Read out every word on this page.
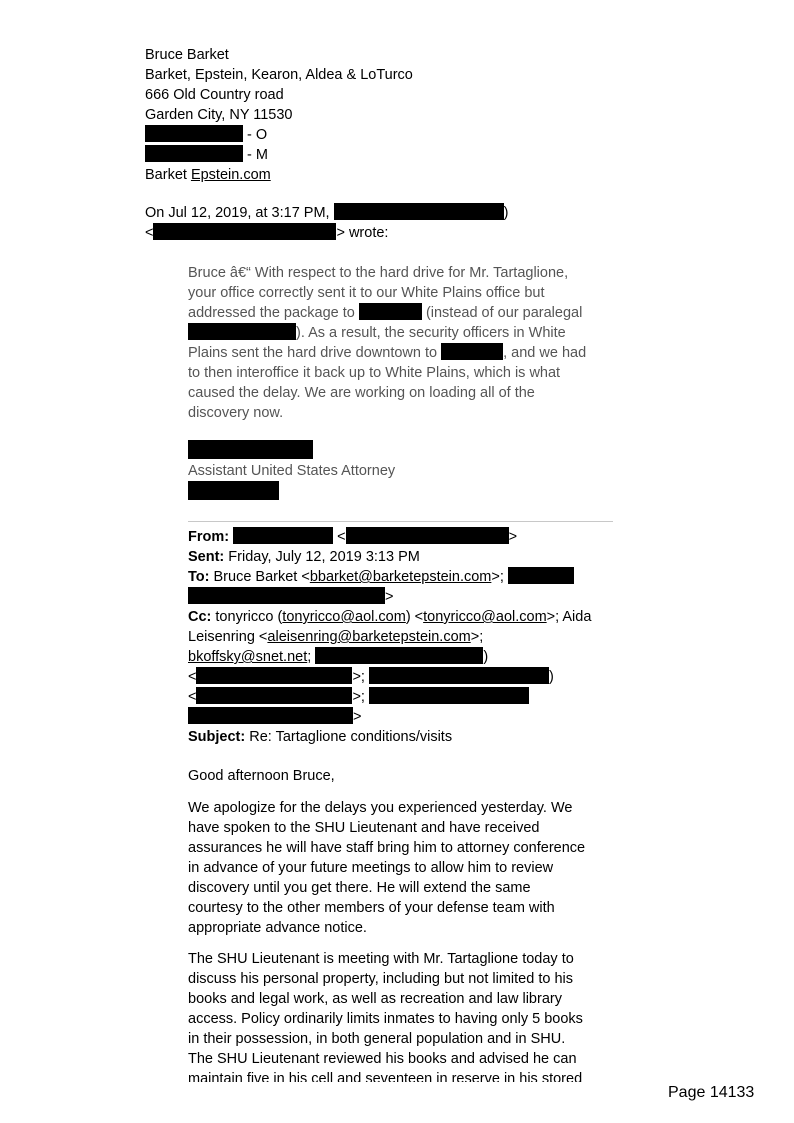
Bruce Barket
Barket, Epstein, Kearon, Aldea & LoTurco
666 Old Country road
Garden City, NY 11530
- O
- M
Barket Epstein.com
On Jul 12, 2019, at 3:17 PM,	)
<	> wrote:
Bruce â€“ With respect to the hard drive for Mr. Tartaglione,
your office correctly sent it to our White Plains office but
addressed the package to	(instead of our paralegal
). As a result, the security officers in White
Plains sent the hard drive downtown to	, and we had
to then interoffice it back up to White Plains, which is what
caused the delay. We are working on loading all of the
discovery now.
Assistant United States Attorney
From:	<	>
Sent: Friday, July 12, 2019 3:13 PM
To: Bruce Barket <bbarket@barketepstein.com>;
>
Cc: tonyricco (tonyricco@aol.com) <tonyricco@aol.com>; Aida
Leisenring <aleisenring@barketepstein.com>;
bkoffsky@snet.net;	)
<	>;	)
<	>;
>
Subject: Re: Tartaglione conditions/visits
Good afternoon Bruce,
We apologize for the delays you experienced yesterday. We
have spoken to the SHU Lieutenant and have received
assurances he will have staff bring him to attorney conference
in advance of your future meetings to allow him to review
discovery until you get there. He will extend the same
courtesy to the other members of your defense team with
appropriate advance notice.
The SHU Lieutenant is meeting with Mr. Tartaglione today to
discuss his personal property, including but not limited to his
books and legal work, as well as recreation and law library
access. Policy ordinarily limits inmates to having only 5 books
in their possession, in both general population and in SHU.
The SHU Lieutenant reviewed his books and advised he can
maintain five in his cell and seventeen in reserve in his stored
Page 14133
